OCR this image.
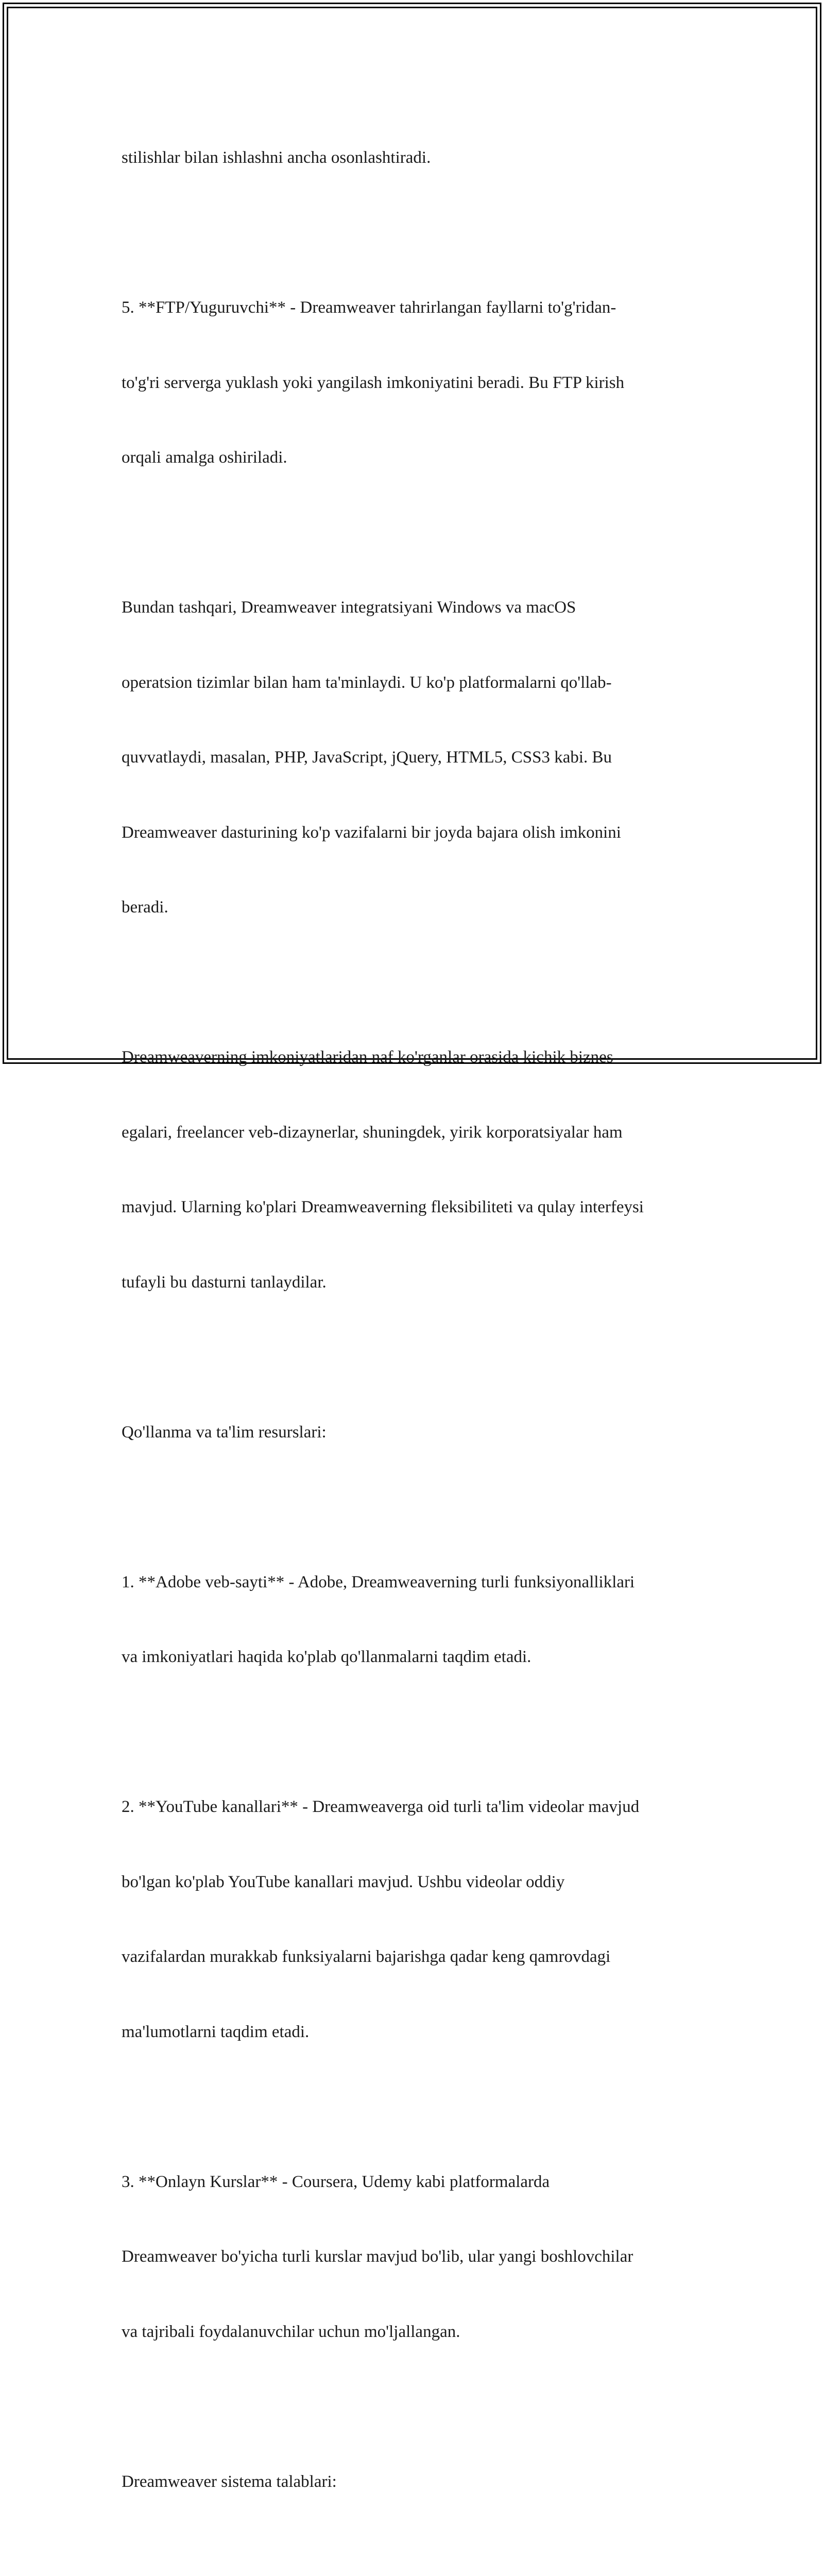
stilishlar bilan ishlashni ancha osonlashtiradi.

5. **FTP/Yuguruvchi** - Dreamweaver tahrirlangan fayllarni to'g'ridan-

to'g'ri serverga yuklash yoki yangilash imkoniyatini beradi. Bu FTP kirish

orqali amalga oshiriladi.

Bundan tashqari, Dreamweaver integratsiyani Windows va macOS

operatsion tizimlar bilan ham ta'minlaydi. U ko'p platformalarni qo'llab-

quvvatlaydi, masalan, PHP, JavaScript, jQuery, HTML5, CSS3 kabi. Bu

Dreamweaver dasturining ko'p vazifalarni bir joyda bajara olish imkonini

beradi.

Dreamweaverning imkoniyatlaridan naf ko'rganlar orasida kichik biznes

egalari, freelancer veb-dizaynerlar, shuningdek, yirik korporatsiyalar ham

mavjud. Ularning ko'plari Dreamweaverning fleksibiliteti va qulay interfeysi

tufayli bu dasturni tanlaydilar.

Qo'llanma va ta'lim resurslari:

1. **Adobe veb-sayti** - Adobe, Dreamweaverning turli funksiyonalliklari

va imkoniyatlari haqida ko'plab qo'llanmalarni taqdim etadi.

2. **YouTube kanallari** - Dreamweaverga oid turli ta'lim videolar mavjud

bo'lgan ko'plab YouTube kanallari mavjud. Ushbu videolar oddiy

vazifalardan murakkab funksiyalarni bajarishga qadar keng qamrovdagi

ma'lumotlarni taqdim etadi.

3. **Onlayn Kurslar** - Coursera, Udemy kabi platformalarda

Dreamweaver bo'yicha turli kurslar mavjud bo'lib, ular yangi boshlovchilar

va tajribali foydalanuvchilar uchun mo'ljallangan.

Dreamweaver sistema talablari:
